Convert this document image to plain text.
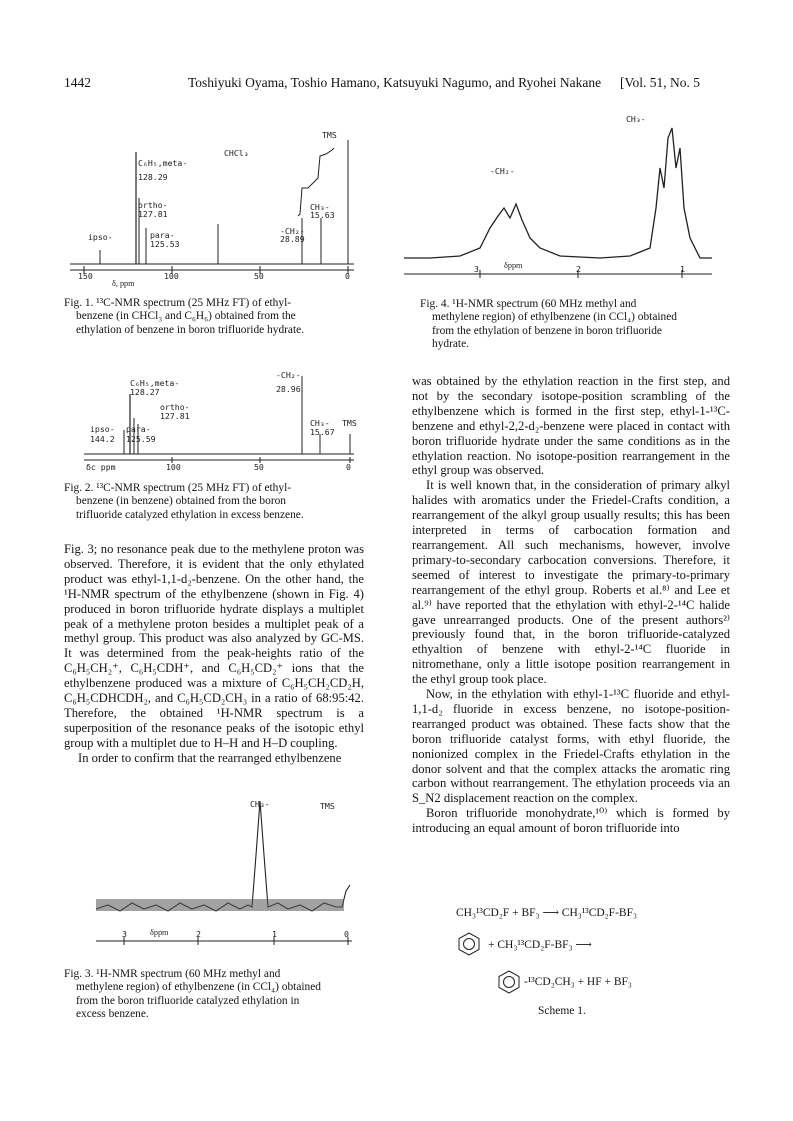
1442	Toshiyuki Oyama, Toshio Hamano, Katsuyuki Nagumo, and Ryohei Nakane [Vol. 51, No. 5
150	100	50	0
δ, ppm
TMS
CHCl₃
C₆H₅,meta-
128.29
ortho-
127.81
para-
125.53
ipso-
-CH₂-
28.89
CH₃-
15.63
Fig. 1. ¹³C-NMR spectrum (25 MHz FT) of ethyl-
benzene (in CHCl₃ and C₆H₆) obtained from the
ethylation of benzene in boron trifluoride hydrate.
δc ppm	100	50	0
C₆H₅,meta-
128.27
ortho-
127.81
ipso-
144.2
para-
125.59
-CH₂-
28.96
CH₃-
15.67
TMS
Fig. 2. ¹³C-NMR spectrum (25 MHz FT) of ethyl-
benzene (in benzene) obtained from the boron
trifluoride catalyzed ethylation in excess benzene.

Fig. 3; no resonance peak due to the methylene proton was observed. Therefore, it is evident that the only ethylated product was ethyl-1,1-d₂-benzene. On the other hand, the ¹H-NMR spectrum of the ethylbenzene (shown in Fig. 4) produced in boron trifluoride hydrate displays a multiplet peak of a methylene proton besides a multiplet peak of a methyl group. This product was also analyzed by GC-MS. It was determined from the peak-heights ratio of the C₆H₅CH₂⁺, C₆H₅CDH⁺, and C₆H₅CD₂⁺ ions that the ethylbenzene produced was a mixture of C₆H₅CH₂CD₂H, C₆H₅CDHCDH₂, and C₆H₅CD₂CH₃ in a ratio of 68:95:42. Therefore, the obtained ¹H-NMR spectrum is a superposition of the resonance peaks of the isotopic ethyl group with a multiplet due to H–H and H–D coupling.

In order to confirm that the rearranged ethylbenzene

3	2	1	0
δppm
CH₃-	TMS
Fig. 3. ¹H-NMR spectrum (60 MHz methyl and
methylene region) of ethylbenzene (in CCl₄) obtained
from the boron trifluoride catalyzed ethylation in
excess benzene.
3	2	1
δppm
CH₃-
-CH₂-
Fig. 4. ¹H-NMR spectrum (60 MHz methyl and
methylene region) of ethylbenzene (in CCl₄) obtained
from the ethylation of benzene in boron trifluoride
hydrate.

was obtained by the ethylation reaction in the first step, and not by the secondary isotope-position scrambling of the ethylbenzene which is formed in the first step, ethyl-1-¹³C-benzene and ethyl-2,2-d₂-benzene were placed in contact with boron trifluoride hydrate under the same conditions as in the ethylation reaction. No isotope-position rearrangement in the ethyl group was observed.

It is well known that, in the consideration of primary alkyl halides with aromatics under the Friedel-Crafts condition, a rearrangement of the alkyl group usually results; this has been interpreted in terms of carbocation formation and rearrangement. All such mechanisms, however, involve primary-to-secondary carbocation conversions. Therefore, it seemed of interest to investigate the primary-to-primary rearrangement of the ethyl group. Roberts et al.⁸⁾ and Lee et al.⁹⁾ have reported that the ethylation with ethyl-2-¹⁴C halide gave unrearranged products. One of the present authors²⁾ previously found that, in the boron trifluoride-catalyzed ethyaltion of benzene with ethyl-2-¹⁴C fluoride in nitromethane, only a little isotope position rearrangement in the ethyl group took place.

Now, in the ethylation with ethyl-1-¹³C fluoride and ethyl-1,1-d₂ fluoride in excess benzene, no isotope-position-rearranged product was obtained. These facts show that the boron trifluoride catalyst forms, with ethyl fluoride, the nonionized complex in the Friedel-Crafts ethylation in the donor solvent and that the complex attacks the aromatic ring carbon without rearrangement. The ethylation proceeds via an S_N2 displacement reaction on the complex.

Boron trifluoride monohydrate,¹⁰⁾ which is formed by introducing an equal amount of boron trifluoride into

CH₃¹³CD₂F + BF₃ ⟶ CH₃¹³CD₂F-BF₃
+ CH₃¹³CD₂F-BF₃ ⟶
-¹³CD₂CH₃ + HF + BF₃
Scheme 1.
